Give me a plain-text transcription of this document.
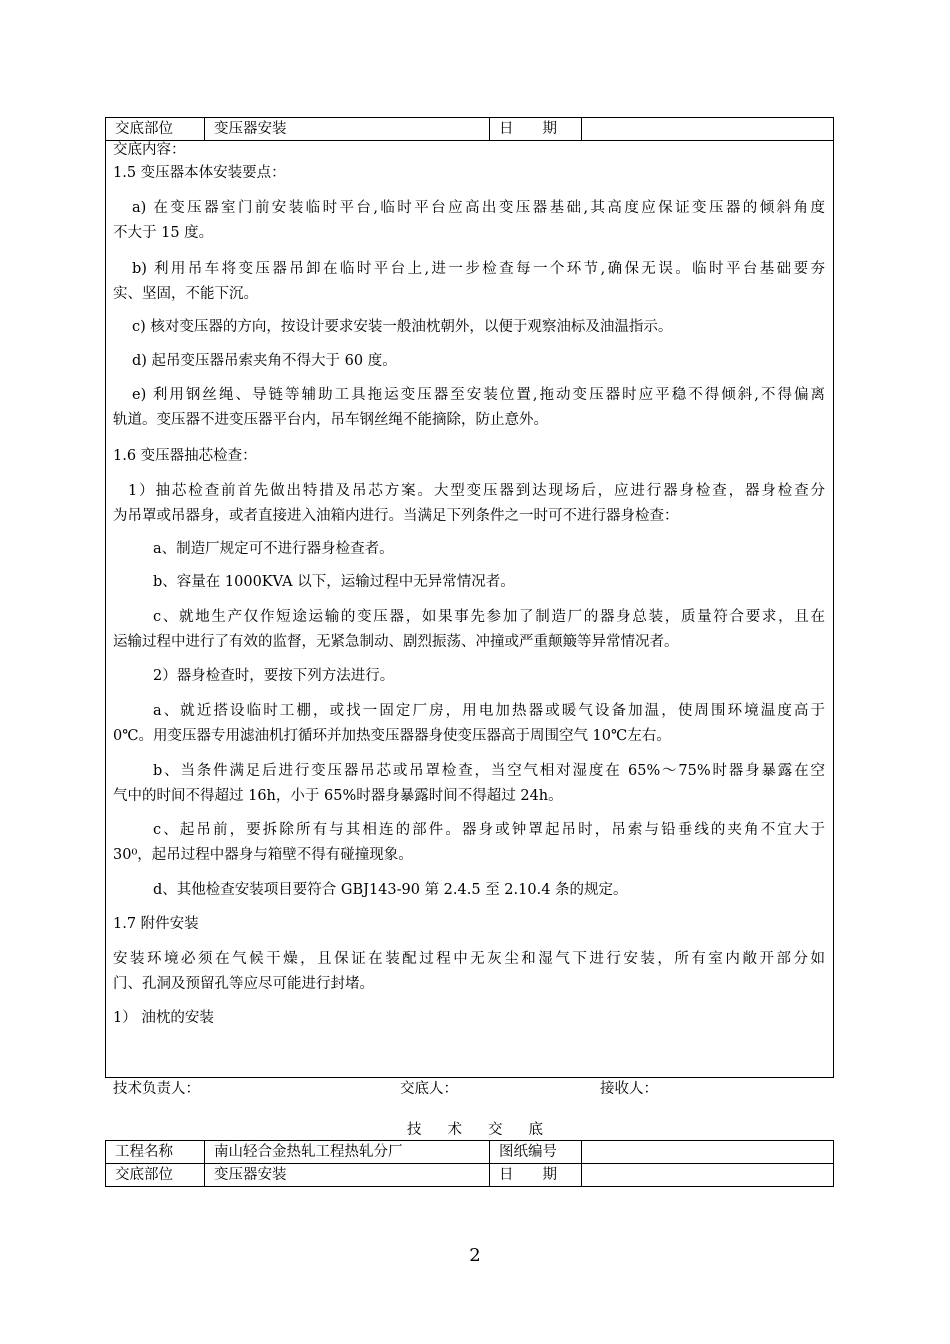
交底部位	变压器安装	日　　期	
交底内容：
1.5 变压器本体安装要点：
a) 在变压器室门前安装临时平台,临时平台应高出变压器基础,其高度应保证变压器的倾斜角度
不大于 15 度。
b) 利用吊车将变压器吊卸在临时平台上,进一步检查每一个环节,确保无误。临时平台基础要夯
实、坚固，不能下沉。
c) 核对变压器的方向，按设计要求安装一般油枕朝外，以便于观察油标及油温指示。
d) 起吊变压器吊索夹角不得大于 60 度。
e) 利用钢丝绳、导链等辅助工具拖运变压器至安装位置,拖动变压器时应平稳不得倾斜,不得偏离
轨道。变压器不进变压器平台内，吊车钢丝绳不能摘除，防止意外。
1.6 变压器抽芯检查：
1）抽芯检查前首先做出特措及吊芯方案。大型变压器到达现场后，应进行器身检查，器身检查分
为吊罩或吊器身，或者直接进入油箱内进行。当满足下列条件之一时可不进行器身检查：
a、制造厂规定可不进行器身检查者。
b、容量在 1000KVA 以下，运输过程中无异常情况者。
c、就地生产仅作短途运输的变压器，如果事先参加了制造厂的器身总装，质量符合要求，且在
运输过程中进行了有效的监督，无紧急制动、剧烈振荡、冲撞或严重颠簸等异常情况者。
2）器身检查时，要按下列方法进行。
a、就近搭设临时工棚，或找一固定厂房，用电加热器或暖气设备加温，使周围环境温度高于
0℃。用变压器专用滤油机打循环并加热变压器器身使变压器高于周围空气 10℃左右。
b、当条件满足后进行变压器吊芯或吊罩检查，当空气相对湿度在 65%～75%时器身暴露在空
气中的时间不得超过 16h，小于 65%时器身暴露时间不得超过 24h。
c、起吊前，要拆除所有与其相连的部件。器身或钟罩起吊时，吊索与铅垂线的夹角不宜大于
30⁰，起吊过程中器身与箱壁不得有碰撞现象。
d、其他检查安装项目要符合 GBJ143-90 第 2.4.5 至 2.10.4 条的规定。
1.7 附件安装
安装环境必须在气候干燥，且保证在装配过程中无灰尘和湿气下进行安装，所有室内敞开部分如
门、孔洞及预留孔等应尽可能进行封堵。
1） 油枕的安装
技术负责人：	交底人：	接收人：
技术交底
工程名称	南山轻合金热轧工程热轧分厂	图纸编号	
交底部位	变压器安装	日　　期	
2
